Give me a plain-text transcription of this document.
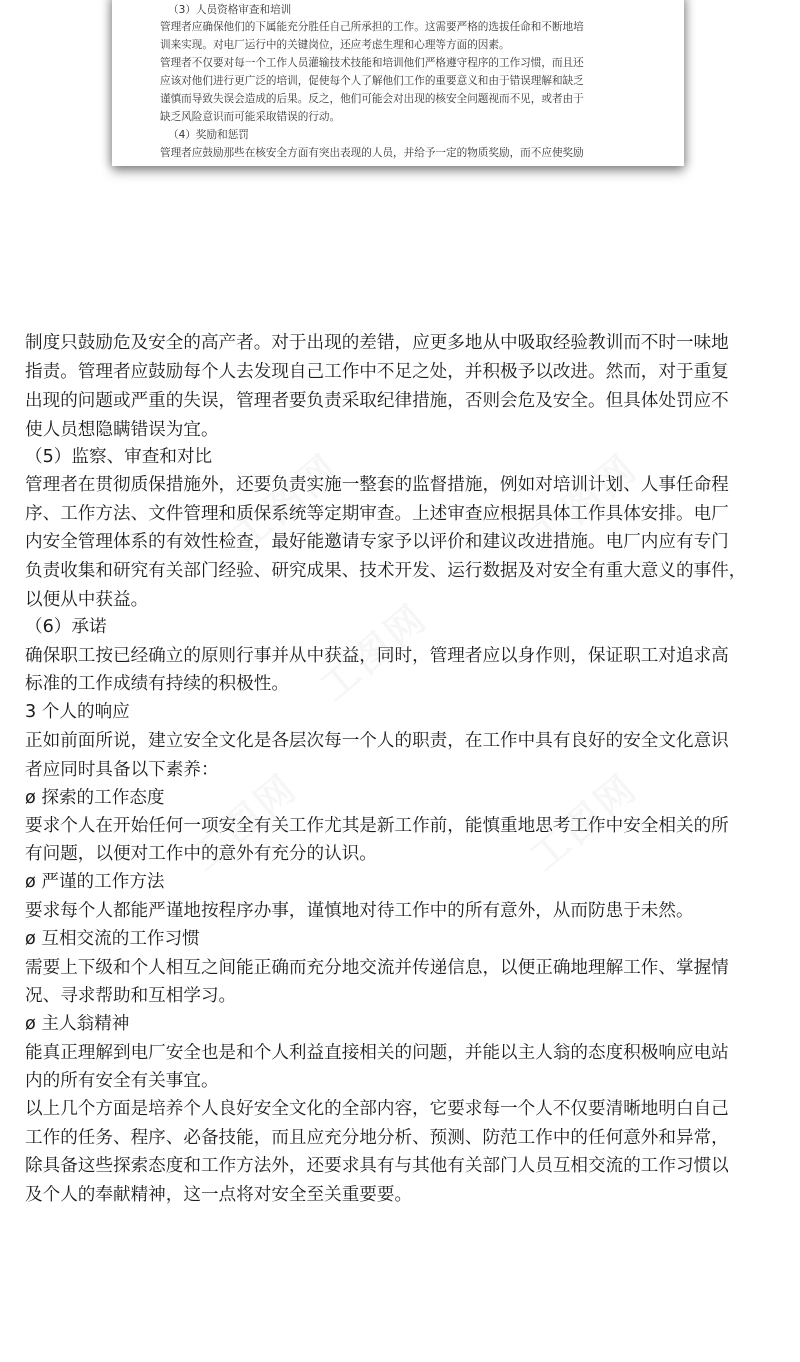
（3）人员资格审查和培训
管理者应确保他们的下属能充分胜任自己所承担的工作。这需要严格的选拔任命和不断地培
训来实现。对电厂运行中的关键岗位，还应考虑生理和心理等方面的因素。
管理者不仅要对每一个工作人员灌输技术技能和培训他们严格遵守程序的工作习惯，而且还
应该对他们进行更广泛的培训，促使每个人了解他们工作的重要意义和由于错误理解和缺乏
谨慎而导致失误会造成的后果。反之，他们可能会对出现的核安全问题视而不见，或者由于
缺乏风险意识而可能采取错误的行动。
（4）奖励和惩罚
管理者应鼓励那些在核安全方面有突出表现的人员，并给予一定的物质奖励，而不应使奖励
制度只鼓励危及安全的高产者。对于出现的差错，应更多地从中吸取经验教训而不时一味地
指责。管理者应鼓励每个人去发现自己工作中不足之处，并积极予以改进。然而，对于重复
出现的问题或严重的失误，管理者要负责采取纪律措施，否则会危及安全。但具体处罚应不
使人员想隐瞒错误为宜。
（5）监察、审查和对比
管理者在贯彻质保措施外，还要负责实施一整套的监督措施，例如对培训计划、人事任命程
序、工作方法、文件管理和质保系统等定期审查。上述审查应根据具体工作具体安排。电厂
内安全管理体系的有效性检查，最好能邀请专家予以评价和建议改进措施。电厂内应有专门
负责收集和研究有关部门经验、研究成果、技术开发、运行数据及对安全有重大意义的事件，
以便从中获益。
（6）承诺
确保职工按已经确立的原则行事并从中获益，同时，管理者应以身作则，保证职工对追求高
标准的工作成绩有持续的积极性。
3 个人的响应
正如前面所说，建立安全文化是各层次每一个人的职责，在工作中具有良好的安全文化意识
者应同时具备以下素养：
ø 探索的工作态度
要求个人在开始任何一项安全有关工作尤其是新工作前，能慎重地思考工作中安全相关的所
有问题，以便对工作中的意外有充分的认识。
ø 严谨的工作方法
要求每个人都能严谨地按程序办事，谨慎地对待工作中的所有意外，从而防患于未然。
ø 互相交流的工作习惯
需要上下级和个人相互之间能正确而充分地交流并传递信息，以便正确地理解工作、掌握情
况、寻求帮助和互相学习。
ø 主人翁精神
能真正理解到电厂安全也是和个人利益直接相关的问题，并能以主人翁的态度积极响应电站
内的所有安全有关事宜。
以上几个方面是培养个人良好安全文化的全部内容，它要求每一个人不仅要清晰地明白自己
工作的任务、程序、必备技能，而且应充分地分析、预测、防范工作中的任何意外和异常，
除具备这些探索态度和工作方法外，还要求具有与其他有关部门人员互相交流的工作习惯以
及个人的奉献精神，这一点将对安全至关重要要。
